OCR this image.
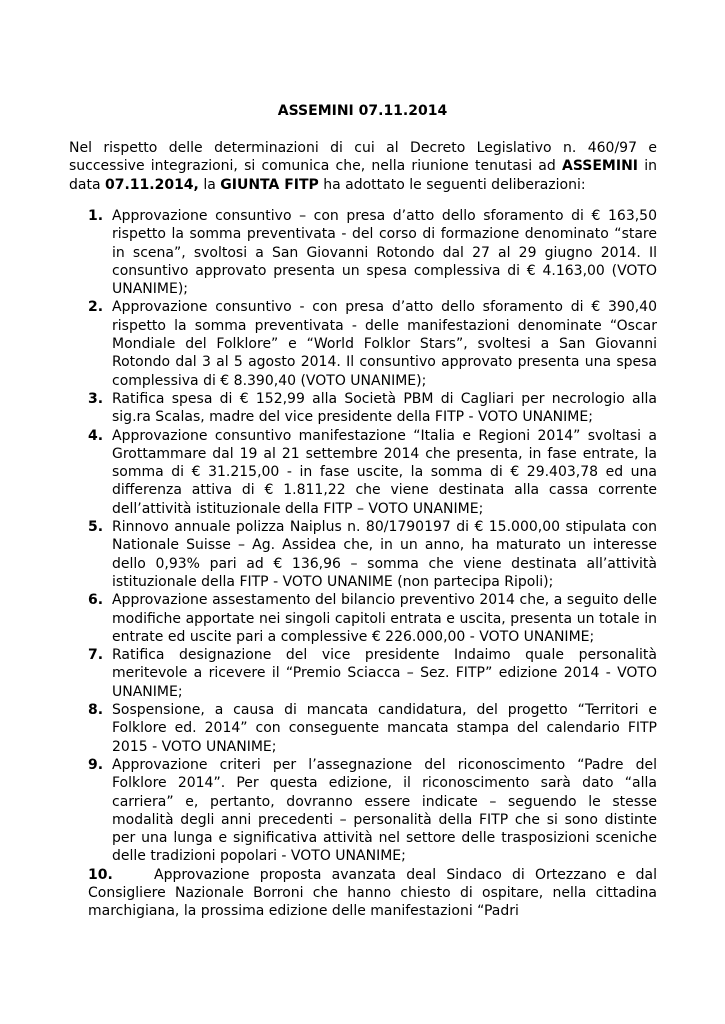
ASSEMINI 07.11.2014
Nel rispetto delle determinazioni di cui al Decreto Legislativo n. 460/97 e successive integrazioni, si comunica che, nella riunione tenutasi ad ASSEMINI in data 07.11.2014, la GIUNTA FITP ha adottato le seguenti deliberazioni:

1. Approvazione consuntivo – con presa d’atto dello sforamento di € 163,50 rispetto la somma preventivata - del corso di formazione denominato “stare in scena”, svoltosi a San Giovanni Rotondo dal 27 al 29 giugno 2014. Il consuntivo approvato presenta un spesa complessiva di € 4.163,00 (VOTO UNANIME);

2. Approvazione consuntivo - con presa d’atto dello sforamento di € 390,40 rispetto la somma preventivata - delle manifestazioni denominate “Oscar Mondiale del Folklore” e “World Folklor Stars”, svoltesi a San Giovanni Rotondo dal 3 al 5 agosto 2014. Il consuntivo approvato presenta una spesa complessiva di € 8.390,40 (VOTO UNANIME);

3. Ratifica spesa di € 152,99 alla Società PBM di Cagliari per necrologio alla sig.ra Scalas, madre del vice presidente della FITP - VOTO UNANIME;

4. Approvazione consuntivo manifestazione “Italia e Regioni 2014” svoltasi a Grottammare dal 19 al 21 settembre 2014 che presenta, in fase entrate, la somma di € 31.215,00 - in fase uscite, la somma di € 29.403,78 ed una differenza attiva di € 1.811,22 che viene destinata alla cassa corrente dell’attività istituzionale della FITP – VOTO UNANIME;

5. Rinnovo annuale polizza Naiplus n. 80/1790197 di € 15.000,00 stipulata con Nationale Suisse – Ag. Assidea che, in un anno, ha maturato un interesse dello 0,93% pari ad € 136,96 – somma che viene destinata all’attività istituzionale della FITP - VOTO UNANIME (non partecipa Ripoli);

6. Approvazione assestamento del bilancio preventivo 2014 che, a seguito delle modifiche apportate nei singoli capitoli entrata e uscita, presenta un totale in entrate ed uscite pari a complessive € 226.000,00 - VOTO UNANIME;

7. Ratifica designazione del vice presidente Indaimo quale personalità meritevole a ricevere il “Premio Sciacca – Sez. FITP” edizione 2014 - VOTO UNANIME;

8. Sospensione, a causa di mancata candidatura, del progetto “Territori e Folklore ed. 2014” con conseguente mancata stampa del calendario FITP 2015 - VOTO UNANIME;

9. Approvazione criteri per l’assegnazione del riconoscimento “Padre del Folklore 2014”. Per questa edizione, il riconoscimento sarà dato “alla carriera” e, pertanto, dovranno essere indicate – seguendo le stesse modalità degli anni precedenti – personalità della FITP che si sono distinte per una lunga e significativa attività nel settore delle trasposizioni sceniche delle tradizioni popolari - VOTO UNANIME;

10.	Approvazione proposta avanzata deal Sindaco di Ortezzano e dal Consigliere Nazionale Borroni che hanno chiesto di ospitare, nella cittadina marchigiana, la prossima edizione delle manifestazioni “Padri
